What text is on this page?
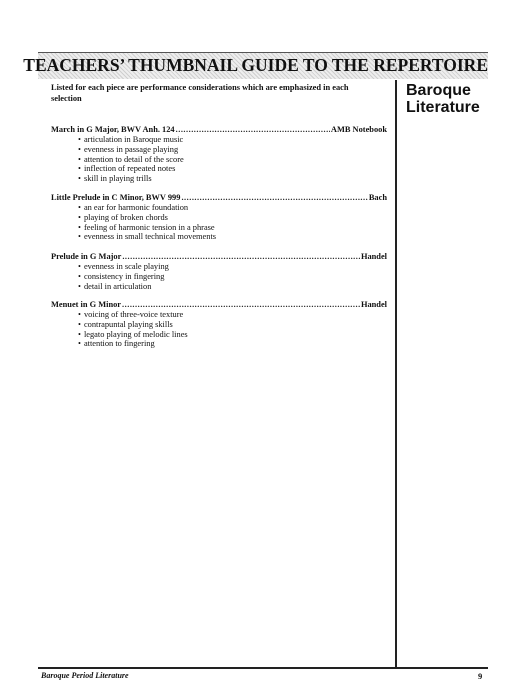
TEACHERS’ THUMBNAIL GUIDE TO THE REPERTOIRE
Baroque Literature

Listed for each piece are performance considerations which are emphasized in each selection

March in G Major, BWV Anh. 124 .....	AMB Notebook
• articulation in Baroque music
• evenness in passage playing
• attention to detail of the score
• inflection of repeated notes
• skill in playing trills
Little Prelude in C Minor, BWV 999 .....	Bach
• an ear for harmonic foundation
• playing of broken chords
• feeling of harmonic tension in a phrase
• evenness in small technical movements
Prelude in G Major .....	Handel
• evenness in scale playing
• consistency in fingering
• detail in articulation
Menuet in G Minor .....	Handel
• voicing of three-voice texture
• contrapuntal playing skills
• legato playing of melodic lines
• attention to fingering

Baroque Period Literature	9
